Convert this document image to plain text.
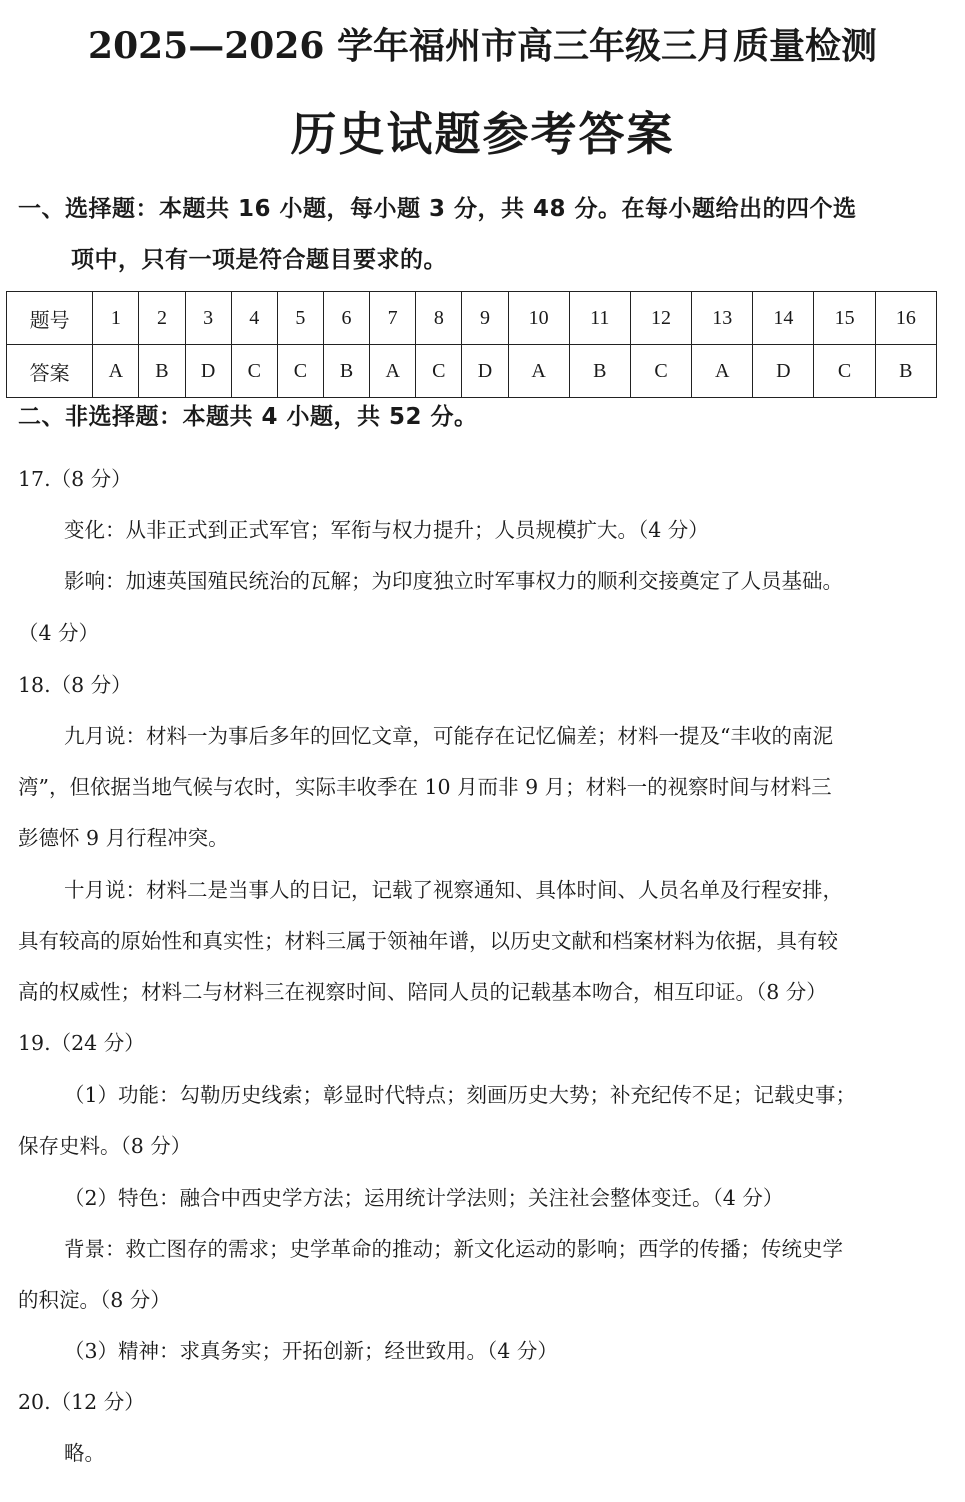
2025—2026 学年福州市高三年级三月质量检测
历史试题参考答案
一、选择题：本题共 16 小题，每小题 3 分，共 48 分。在每小题给出的四个选
项中，只有一项是符合题目要求的。
题号	1	2	3	4	5	6	7	8	9	10	11	12	13	14	15	16
答案	A	B	D	C	C	B	A	C	D	A	B	C	A	D	C	B
二、非选择题：本题共 4 小题，共 52 分。
17.（8 分）
变化：从非正式到正式军官；军衔与权力提升；人员规模扩大。（4 分）
影响：加速英国殖民统治的瓦解；为印度独立时军事权力的顺利交接奠定了人员基础。
（4 分）
18.（8 分）
九月说：材料一为事后多年的回忆文章，可能存在记忆偏差；材料一提及“丰收的南泥
湾”，但依据当地气候与农时，实际丰收季在 10 月而非 9 月；材料一的视察时间与材料三
彭德怀 9 月行程冲突。
十月说：材料二是当事人的日记，记载了视察通知、具体时间、人员名单及行程安排，
具有较高的原始性和真实性；材料三属于领袖年谱，以历史文献和档案材料为依据，具有较
高的权威性；材料二与材料三在视察时间、陪同人员的记载基本吻合，相互印证。（8 分）
19.（24 分）
（1）功能：勾勒历史线索；彰显时代特点；刻画历史大势；补充纪传不足；记载史事；
保存史料。（8 分）
（2）特色：融合中西史学方法；运用统计学法则；关注社会整体变迁。（4 分）
背景：救亡图存的需求；史学革命的推动；新文化运动的影响；西学的传播；传统史学
的积淀。（8 分）
（3）精神：求真务实；开拓创新；经世致用。（4 分）
20.（12 分）
略。
